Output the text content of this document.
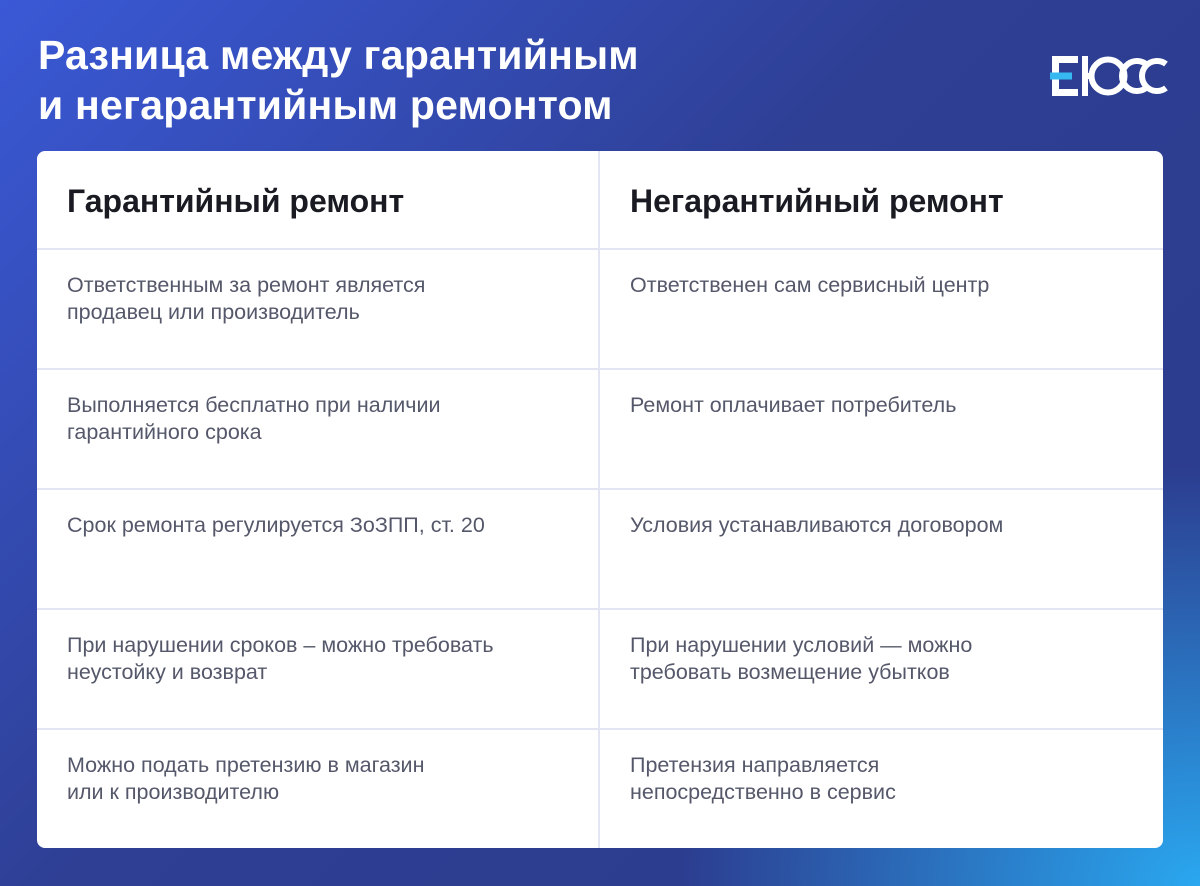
Разница между гарантийным
и негарантийным ремонтом
Гарантийный ремонт	Негарантийный ремонт
Ответственным за ремонт является
продавец или производитель
Ответственен сам сервисный центр
Выполняется бесплатно при наличии
гарантийного срока
Ремонт оплачивает потребитель
Срок ремонта регулируется ЗоЗПП, ст. 20	Условия устанавливаются договором
При нарушении сроков – можно требовать
неустойку и возврат
При нарушении условий — можно
требовать возмещение убытков
Можно подать претензию в магазин
или к производителю
Претензия направляется
непосредственно в сервис
